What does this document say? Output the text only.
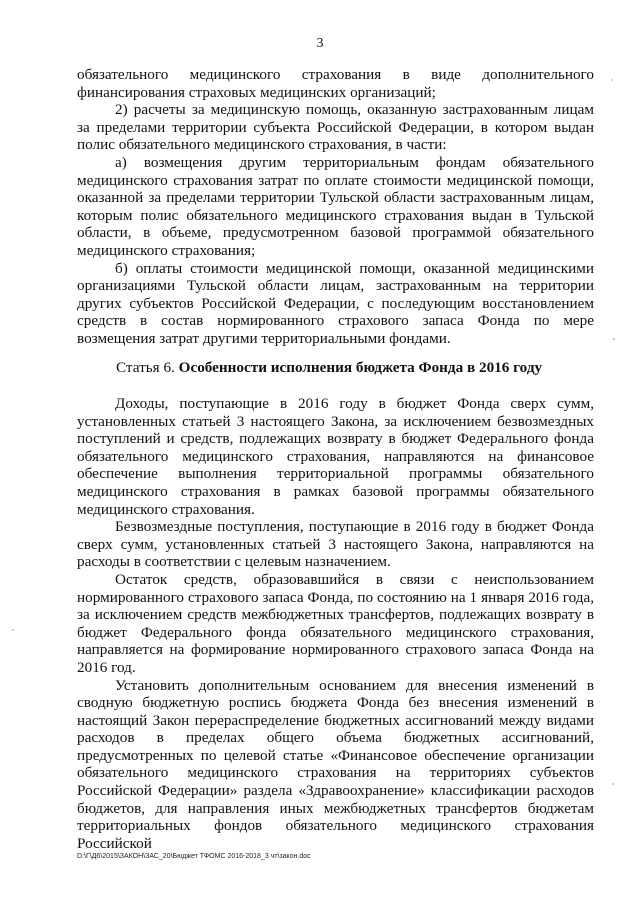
3

обязательного медицинского страхования в виде дополнительного финансирования страховых медицинских организаций;

2) расчеты за медицинскую помощь, оказанную застрахованным лицам за пределами территории субъекта Российской Федерации, в котором выдан полис обязательного медицинского страхования, в части:

а) возмещения другим территориальным фондам обязательного медицинского страхования затрат по оплате стоимости медицинской помощи, оказанной за пределами территории Тульской области застрахованным лицам, которым полис обязательного медицинского страхования выдан в Тульской области, в объеме, предусмотренном базовой программой обязательного медицинского страхования;

б) оплаты стоимости медицинской помощи, оказанной медицинскими организациями Тульской области лицам, застрахованным на территории других субъектов Российской Федерации, с последующим восстановлением средств в состав нормированного страхового запаса Фонда по мере возмещения затрат другими территориальными фондами.

Статья 6. Особенности исполнения бюджета Фонда в 2016 году

Доходы, поступающие в 2016 году в бюджет Фонда сверх сумм, установленных статьей 3 настоящего Закона, за исключением безвозмездных поступлений и средств, подлежащих возврату в бюджет Федерального фонда обязательного медицинского страхования, направляются на финансовое обеспечение выполнения территориальной программы обязательного медицинского страхования в рамках базовой программы обязательного медицинского страхования.

Безвозмездные поступления, поступающие в 2016 году в бюджет Фонда сверх сумм, установленных статьей 3 настоящего Закона, направляются на расходы в соответствии с целевым назначением.

Остаток средств, образовавшийся в связи с неиспользованием нормированного страхового запаса Фонда, по состоянию на 1 января 2016 года, за исключением средств межбюджетных трансфертов, подлежащих возврату в бюджет Федерального фонда обязательного медицинского страхования, направляется на формирование нормированного страхового запаса Фонда на 2016 год.

Установить дополнительным основанием для внесения изменений в сводную бюджетную роспись бюджета Фонда без внесения изменений в настоящий Закон перераспределение бюджетных ассигнований между видами расходов в пределах общего объема бюджетных ассигнований, предусмотренных по целевой статье «Финансовое обеспечение организации обязательного медицинского страхования на территориях субъектов Российской Федерации» раздела «Здравоохранение» классификации расходов бюджетов, для направления иных межбюджетных трансфертов бюджетам территориальных фондов обязательного медицинского страхования Российской

D:\Г\Д6\2015\ЗАКОН\ЗАС_20\Бюджет ТФОМС 2016-2018_3 чт\закон.doc
